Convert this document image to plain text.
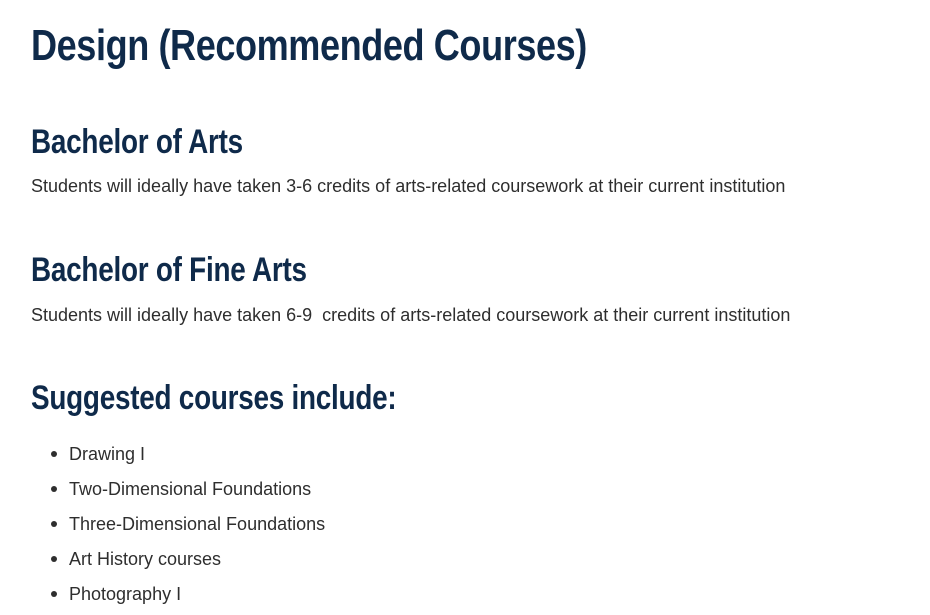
Design (Recommended Courses)
Bachelor of Arts

Students will ideally have taken 3-6 credits of arts-related coursework at their current institution

Bachelor of Fine Arts

Students will ideally have taken 6-9  credits of arts-related coursework at their current institution

Suggested courses include:
Drawing I
Two-Dimensional Foundations
Three-Dimensional Foundations
Art History courses
Photography I
